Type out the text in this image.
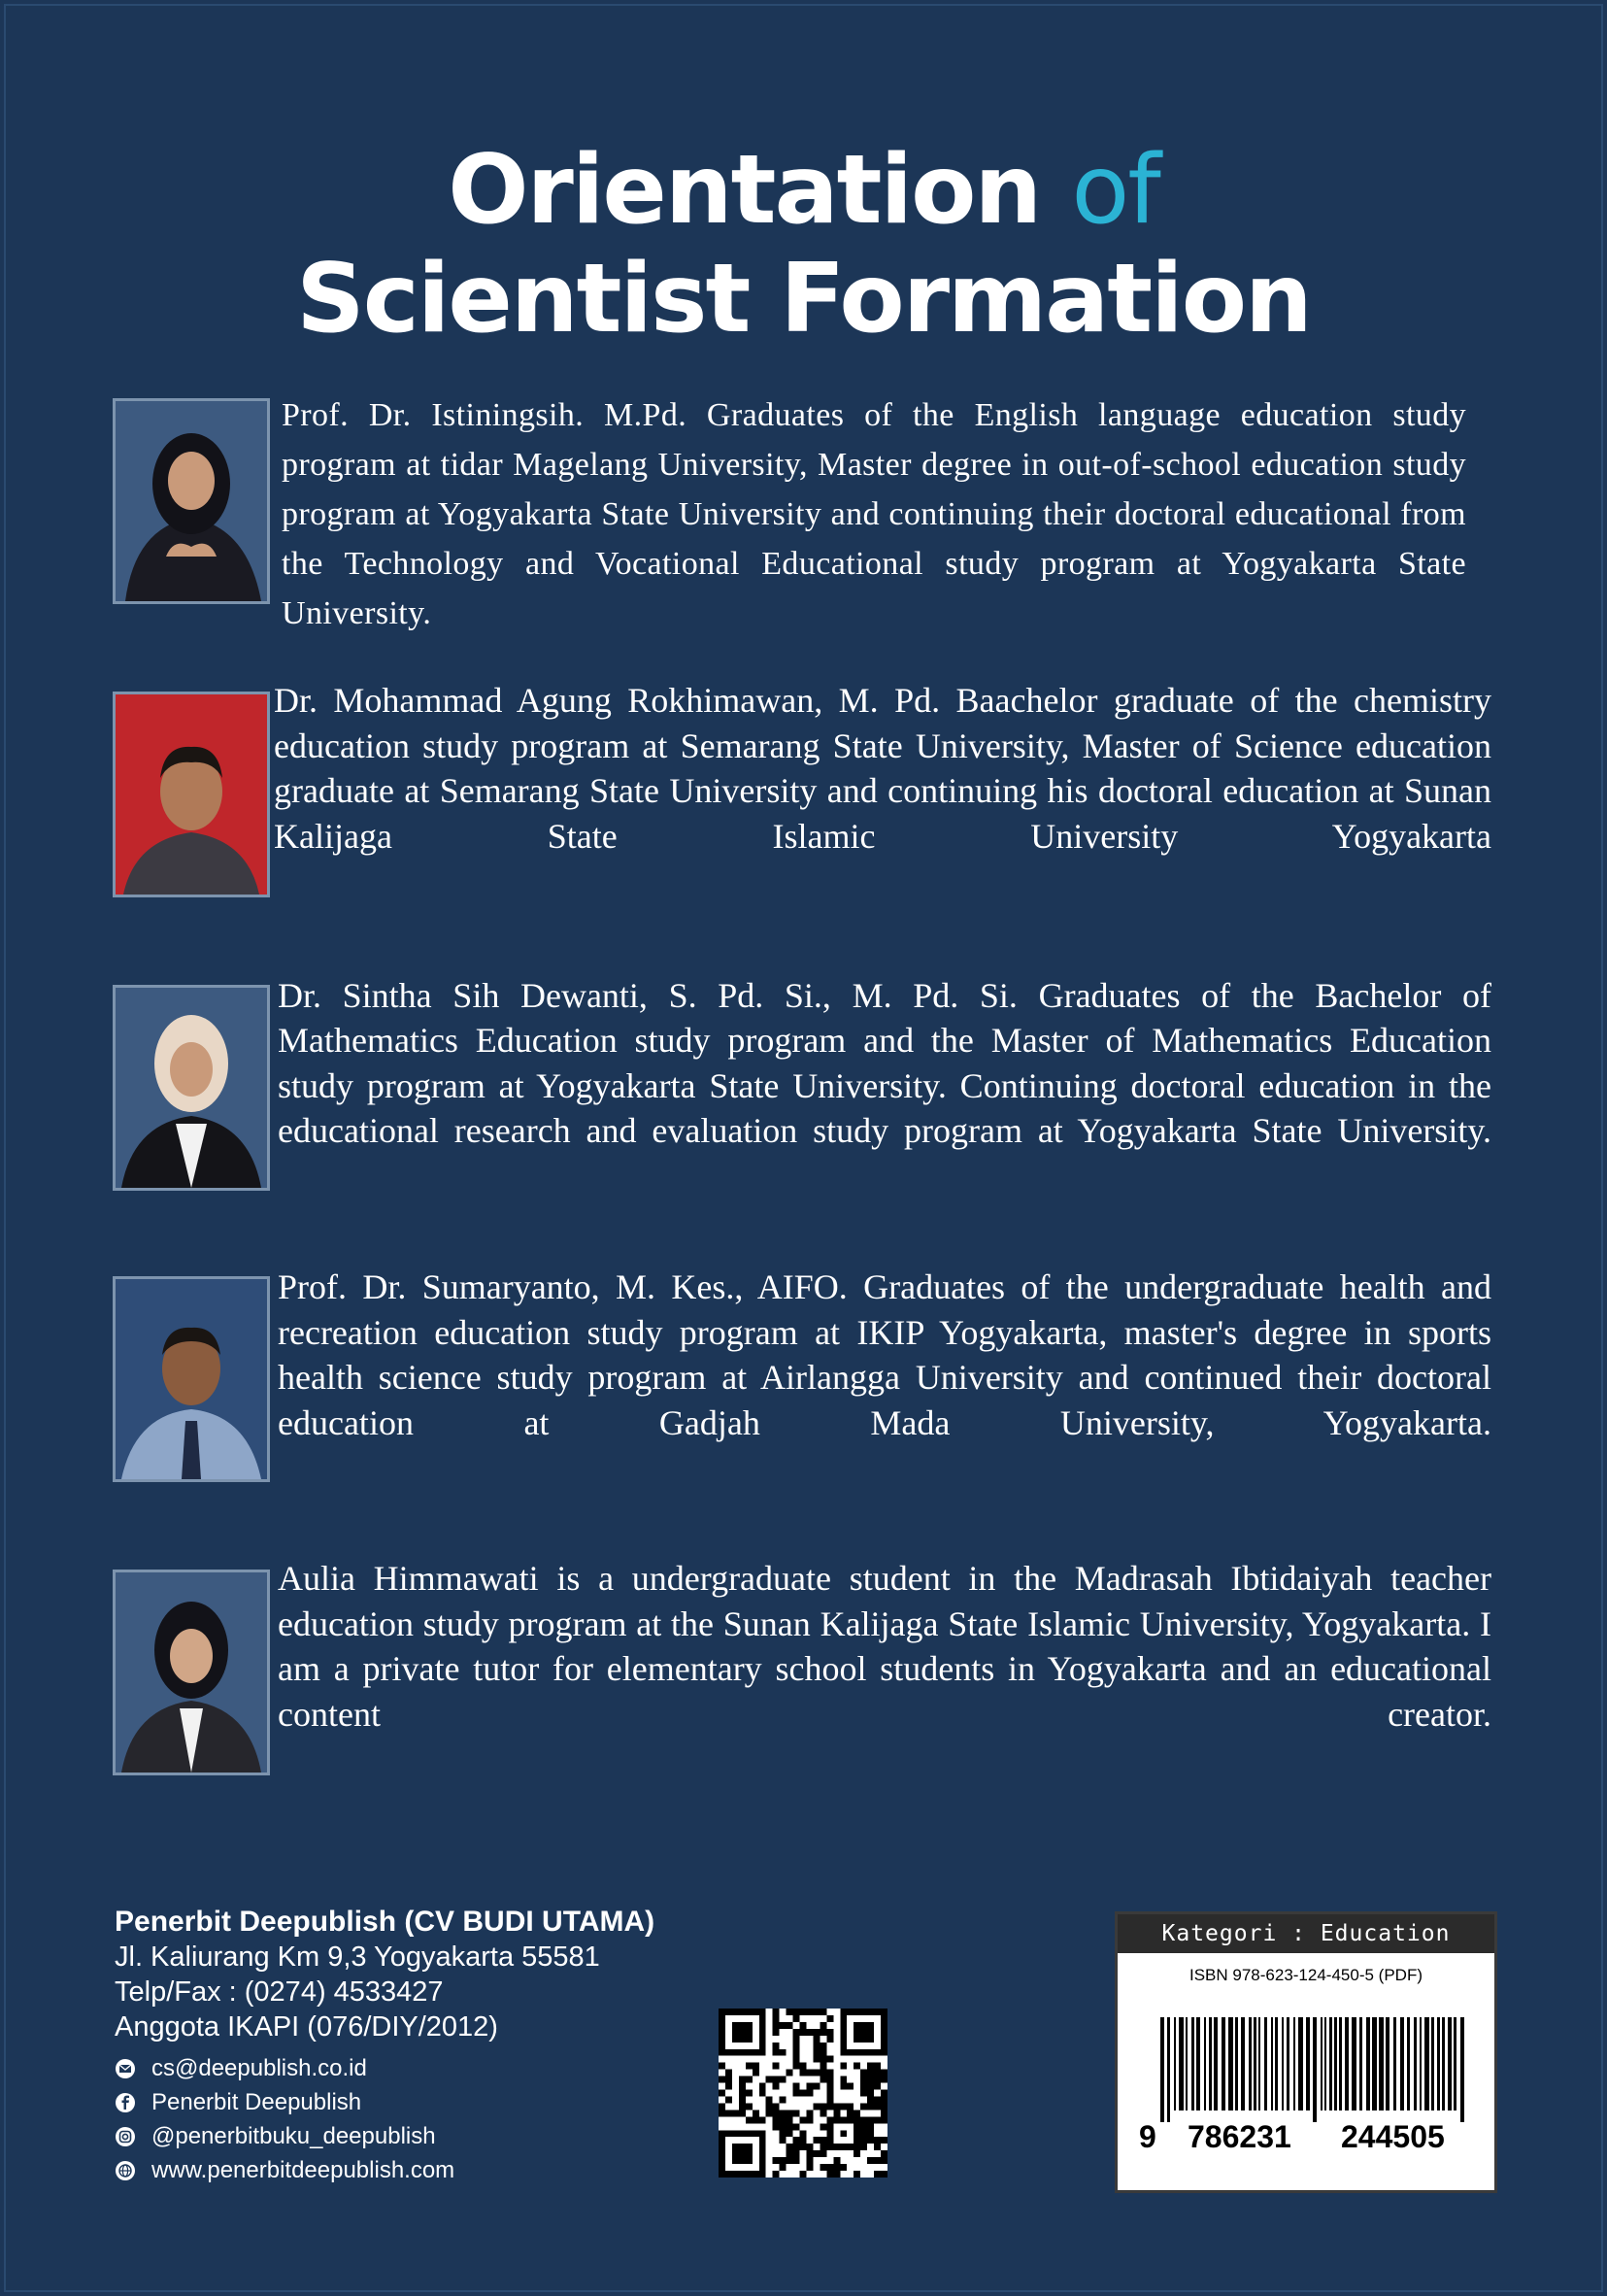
Orientation of
Scientist Formation
Prof. Dr. Istiningsih. M.Pd. Graduates of the English language education study program at tidar Magelang University, Master degree in out-of-school education study program at Yogyakarta State University and continuing their doctoral educational from the Technology and Vocational Educational study program at Yogyakarta State University.
Dr. Mohammad Agung Rokhimawan, M. Pd. Baachelor graduate of the chemistry education study program at Semarang State University, Master of Science education graduate at Semarang State University and continuing his doctoral education at Sunan Kalijaga State Islamic University Yogyakarta
Dr. Sintha Sih Dewanti, S. Pd. Si., M. Pd. Si. Graduates of the Bachelor of Mathematics Education study program and the Master of Mathematics Education study program at Yogyakarta State University. Continuing doctoral education in the educational research and evaluation study program at Yogyakarta State University.
Prof. Dr. Sumaryanto, M. Kes., AIFO. Graduates of the undergraduate health and recreation education study program at IKIP Yogyakarta, master's degree in sports health science study program at Airlangga University and continued their doctoral education at Gadjah Mada University, Yogyakarta.
Aulia Himmawati is a undergraduate student in the Madrasah Ibtidaiyah teacher education study program at the Sunan Kalijaga State Islamic University, Yogyakarta. I am a private tutor for elementary school students in Yogyakarta and an educational content creator.
Penerbit Deepublish (CV BUDI UTAMA)
Jl. Kaliurang Km 9,3 Yogyakarta 55581
Telp/Fax : (0274) 4533427
Anggota IKAPI (076/DIY/2012)
cs@deepublish.co.id
Penerbit Deepublish
@penerbitbuku_deepublish
www.penerbitdeepublish.com
Kategori : Education
ISBN 978-623-124-450-5 (PDF)
9 786231 244505
